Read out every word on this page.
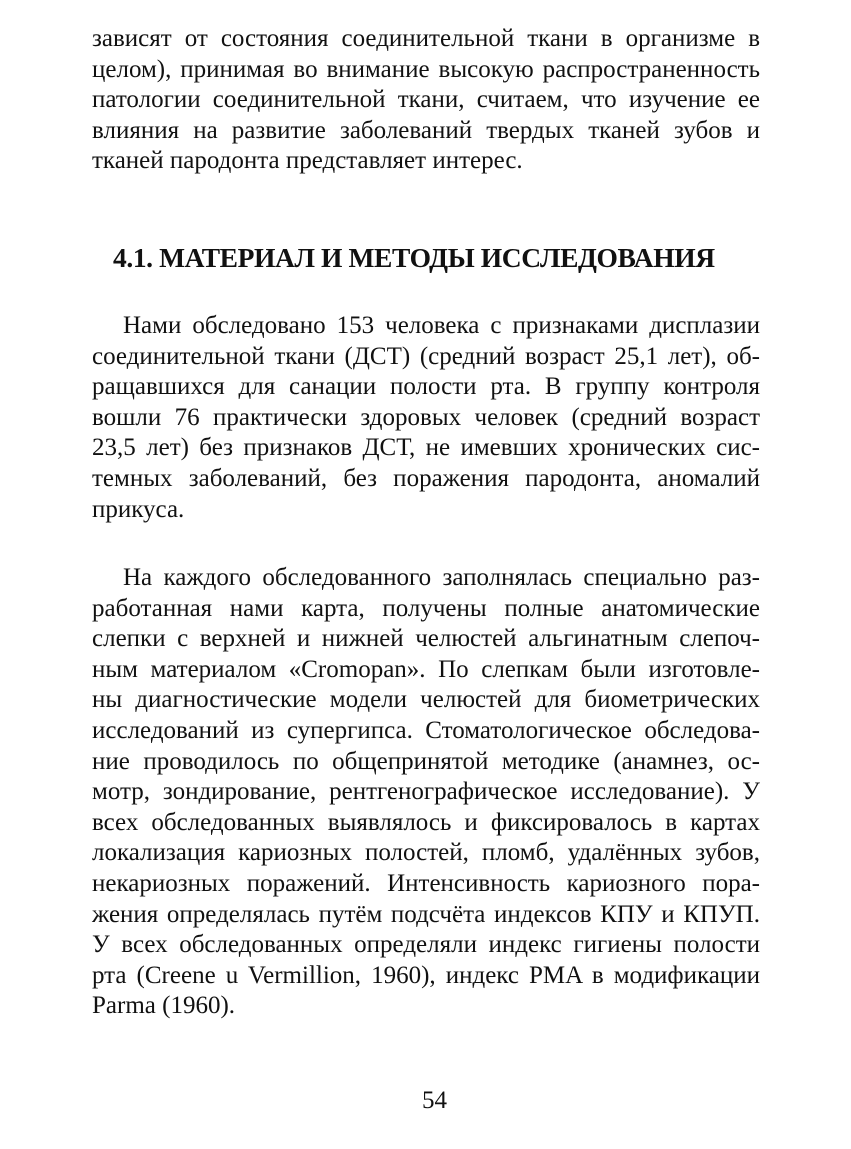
зависят от состояния соединительной ткани в организме в
целом), принимая во внимание высокую распространенность
патологии соединительной ткани, считаем, что изучение ее
влияния на развитие заболеваний твердых тканей зубов и
тканей пародонта представляет интерес.
4.1. МАТЕРИАЛ И МЕТОДЫ ИССЛЕДОВАНИЯ
Нами обследовано 153 человека с признаками дисплазии
соединительной ткани (ДСТ) (средний возраст 25,1 лет), об-
ращавшихся для санации полости рта. В группу контроля
вошли 76 практически здоровых человек (средний возраст
23,5 лет) без признаков ДСТ, не имевших хронических сис-
темных заболеваний, без поражения пародонта, аномалий
прикуса.
На каждого обследованного заполнялась специально раз-
работанная нами карта, получены полные анатомические
слепки с верхней и нижней челюстей альгинатным слепоч-
ным материалом «Cromopan». По слепкам были изготовле-
ны диагностические модели челюстей для биометрических
исследований из супергипса. Стоматологическое обследова-
ние проводилось по общепринятой методике (анамнез, ос-
мотр, зондирование, рентгенографическое исследование). У
всех обследованных выявлялось и фиксировалось в картах
локализация кариозных полостей, пломб, удалённых зубов,
некариозных поражений. Интенсивность кариозного пора-
жения определялась путём подсчёта индексов КПУ и КПУП.
У всех обследованных определяли индекс гигиены полости
рта (Creene u Vermillion, 1960), индекс PMA в модификации
Parma (1960).
54
